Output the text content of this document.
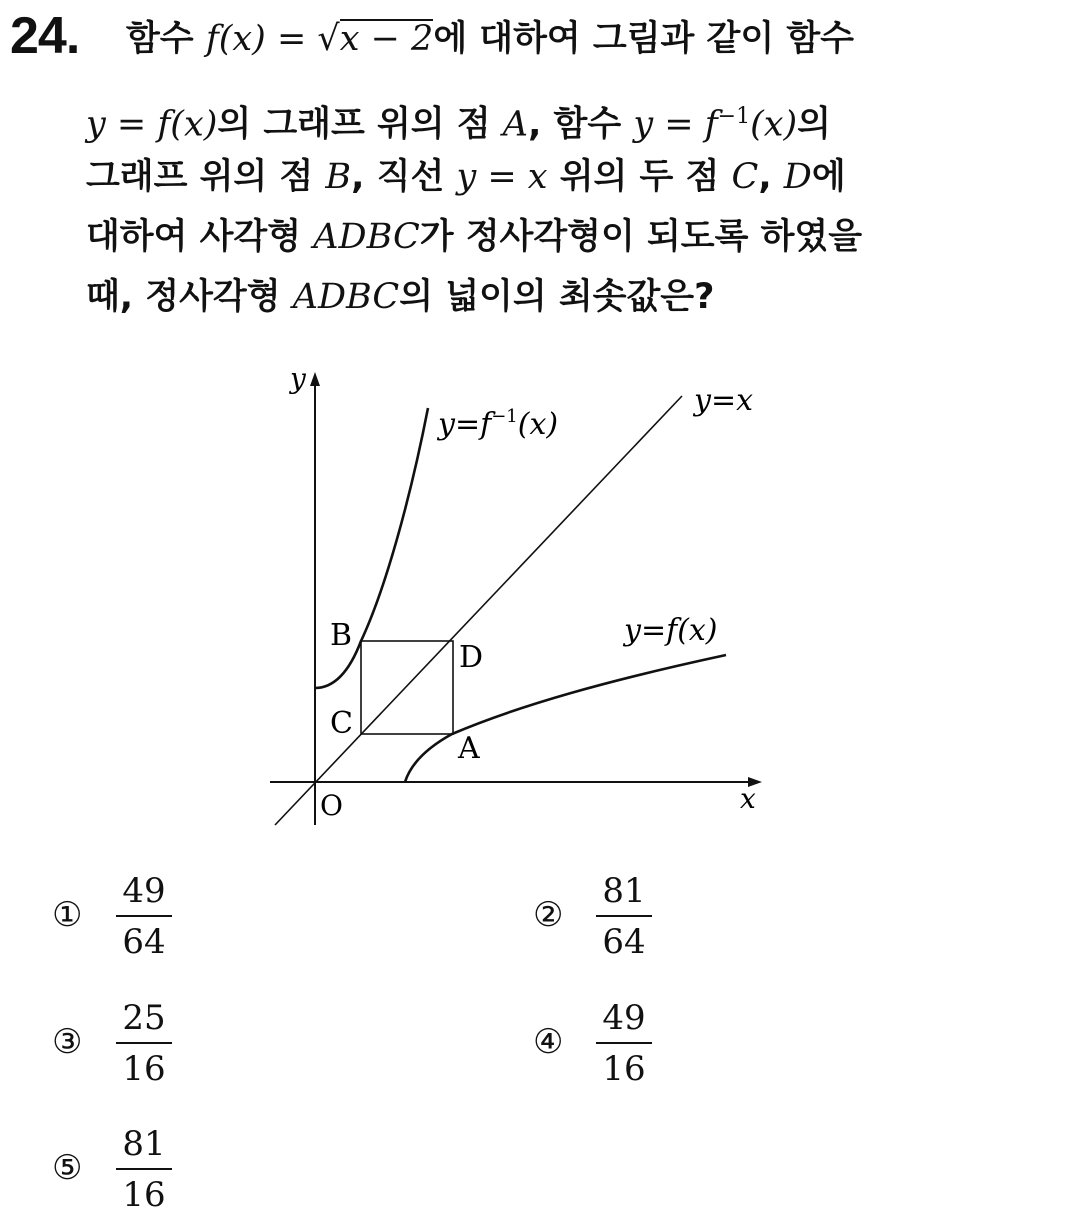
24. 함수 f(x) = √x − 2에 대하여 그림과 같이 함수
y = f(x)의 그래프 위의 점 A, 함수 $y = f^{-1}(x)$의
그래프 위의 점 B, 직선 y = x 위의 두 점 C, D에
대하여 사각형 ADBC가 정사각형이 되도록 하였을
때, 정사각형 ADBC의 넓이의 최솟값은?
y
x
O
$y=f^{-1}(x)$
y=x
y=f(x)
A
B
C
D
①
49
64
②
81
64
③
25
16
④
49
16
⑤
81
16
